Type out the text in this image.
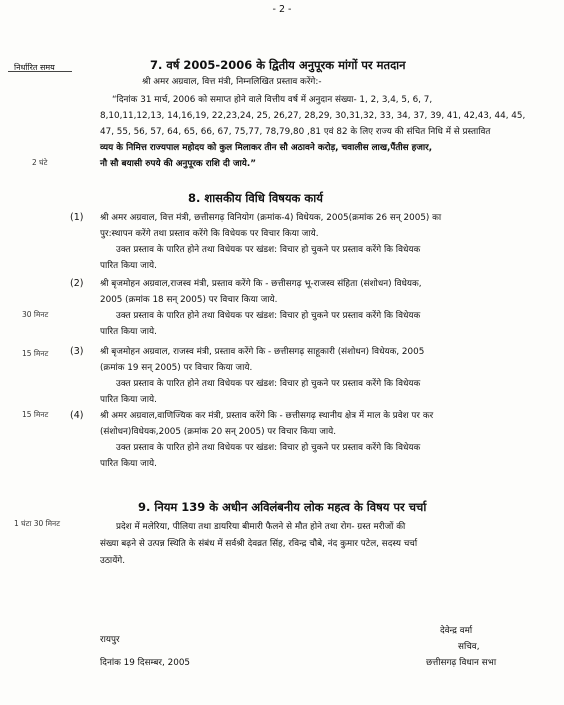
- 2 -
निर्धारित समय
2 घंटे
30 मिनट
15 मिनट
15 मिनट
1 घंटा 30 मिनट
7. वर्ष 2005-2006 के द्वितीय अनुपूरक मांगों पर मतदान
श्री अमर अग्रवाल, वित्त मंत्री, निम्नलिखित प्रस्ताव करेंगे:-
“दिनांक 31 मार्च, 2006 को समाप्त होने वाले वित्तीय वर्ष में अनुदान संख्या- 1, 2, 3,4, 5, 6, 7,
8,10,11,12,13, 14,16,19, 22,23,24, 25, 26,27, 28,29, 30,31,32, 33, 34, 37, 39, 41, 42,43, 44, 45,
47, 55, 56, 57, 64, 65, 66, 67, 75,77, 78,79,80 ,81 एवं 82 के लिए राज्य की संचित निधि में से प्रस्तावित
व्यय के निमित्त राज्यपाल महोदय को कुल मिलाकर तीन सौ अठावने करोड़, चवालीस लाख,पैंतीस हजार,
नौ सौ बयासी रुपये की अनुपूरक राशि दी जाये.”
8. शासकीय विधि विषयक कार्य
(1) श्री अमर अग्रवाल, वित्त मंत्री, छत्तीसगढ़ विनियोग (क्रमांक-4) विधेयक, 2005(क्रमांक 26 सन् 2005) का
पुर:स्थापन करेंगे तथा प्रस्ताव करेंगे कि विधेयक पर विचार किया जाये.
उक्त प्रस्ताव के पारित होने तथा विधेयक पर खंडश: विचार हो चुकने पर प्रस्ताव करेंगे कि विधेयक
पारित किया जाये.
(2) श्री बृजमोहन अग्रवाल,राजस्व मंत्री, प्रस्ताव करेंगे कि - छत्तीसगढ़ भू-राजस्व संहिता (संशोधन) विधेयक,
2005 (क्रमांक 18 सन् 2005) पर विचार किया जाये.
उक्त प्रस्ताव के पारित होने तथा विधेयक पर खंडश: विचार हो चुकने पर प्रस्ताव करेंगे कि विधेयक
पारित किया जाये.
(3) श्री बृजमोहन अग्रवाल, राजस्व मंत्री, प्रस्ताव करेंगे कि - छत्तीसगढ़ साहूकारी (संशोधन) विधेयक, 2005
(क्रमांक 19 सन् 2005) पर विचार किया जाये.
उक्त प्रस्ताव के पारित होने तथा विधेयक पर खंडश: विचार हो चुकने पर प्रस्ताव करेंगे कि विधेयक
पारित किया जाये.
(4) श्री अमर अग्रवाल,वाणिज्यिक कर मंत्री, प्रस्ताव करेंगे कि - छत्तीसगढ़ स्थानीय क्षेत्र में माल के प्रवेश पर कर
(संशोधन)विधेयक,2005 (क्रमांक 20 सन् 2005) पर विचार किया जाये.
उक्त प्रस्ताव के पारित होने तथा विधेयक पर खंडश: विचार हो चुकने पर प्रस्ताव करेंगे कि विधेयक
पारित किया जाये.
9. नियम 139 के अधीन अविलंबनीय लोक महत्व के विषय पर चर्चा
प्रदेश में मलेरिया, पीलिया तथा डायरिया बीमारी फैलने से मौत होने तथा रोग- ग्रस्त मरीजों की
संख्या बढ़ने से उत्पन्न स्थिति के संबंध में सर्वश्री देवव्रत सिंह, रविन्द्र चौबे, नंद कुमार पटेल, सदस्य चर्चा
उठायेंगे.
रायपुर
दिनांक 19 दिसम्बर, 2005
देवेन्द्र वर्मा
सचिव,
छत्तीसगढ़ विधान सभा
